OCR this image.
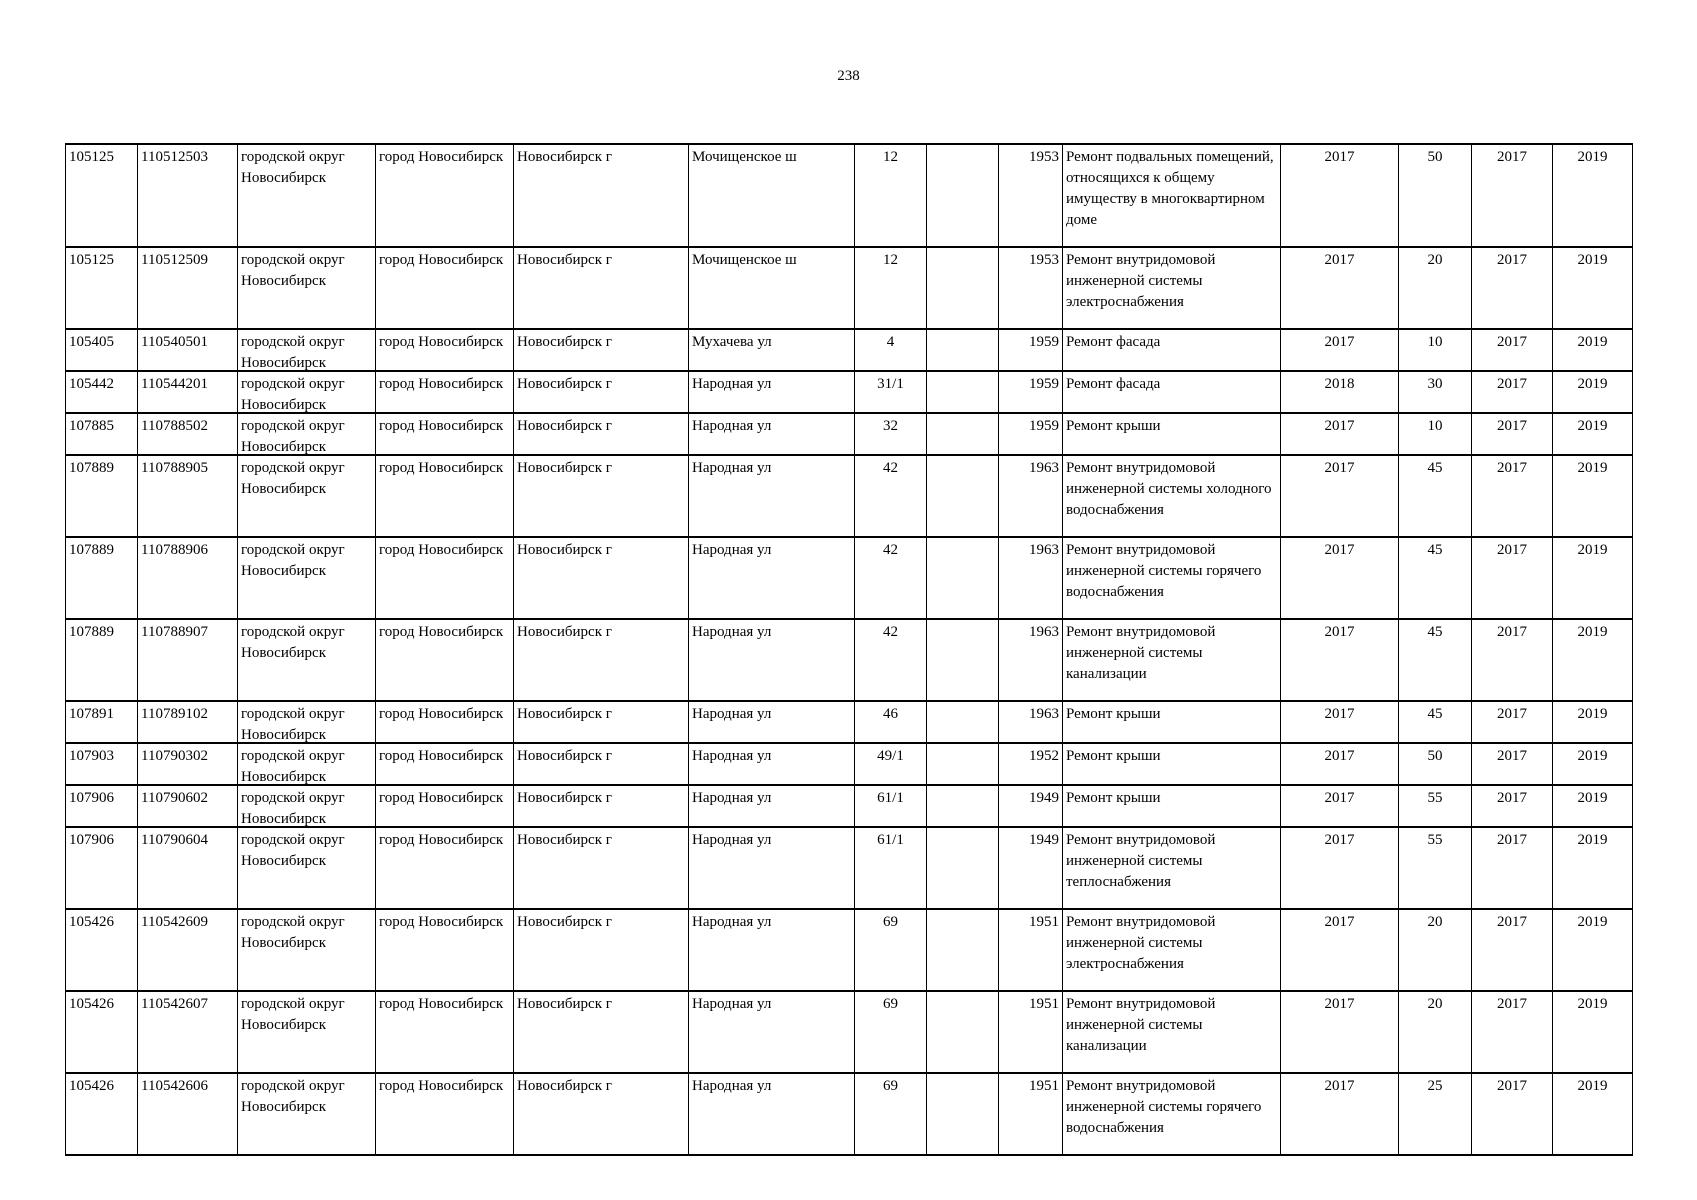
238
105125	110512503	городской округ Новосибирск	город Новосибирск	Новосибирск г	Мочищенское ш	12		1953	Ремонт подвальных помещений, относящихся к общему имуществу в многоквартирном доме	2017	50	2017	2019

105125	110512509	городской округ Новосибирск	город Новосибирск	Новосибирск г	Мочищенское ш	12		1953	Ремонт внутридомовой инженерной системы электроснабжения	2017	20	2017	2019

105405	110540501	городской округ Новосибирск	город Новосибирск	Новосибирск г	Мухачева ул	4		1959	Ремонт фасада	2017	10	2017	2019

105442	110544201	городской округ Новосибирск	город Новосибирск	Новосибирск г	Народная ул	31/1		1959	Ремонт фасада	2018	30	2017	2019

107885	110788502	городской округ Новосибирск	город Новосибирск	Новосибирск г	Народная ул	32		1959	Ремонт крыши	2017	10	2017	2019

107889	110788905	городской округ Новосибирск	город Новосибирск	Новосибирск г	Народная ул	42		1963	Ремонт внутридомовой инженерной системы холодного водоснабжения	2017	45	2017	2019

107889	110788906	городской округ Новосибирск	город Новосибирск	Новосибирск г	Народная ул	42		1963	Ремонт внутридомовой инженерной системы горячего водоснабжения	2017	45	2017	2019

107889	110788907	городской округ Новосибирск	город Новосибирск	Новосибирск г	Народная ул	42		1963	Ремонт внутридомовой инженерной системы канализации	2017	45	2017	2019

107891	110789102	городской округ Новосибирск	город Новосибирск	Новосибирск г	Народная ул	46		1963	Ремонт крыши	2017	45	2017	2019

107903	110790302	городской округ Новосибирск	город Новосибирск	Новосибирск г	Народная ул	49/1		1952	Ремонт крыши	2017	50	2017	2019

107906	110790602	городской округ Новосибирск	город Новосибирск	Новосибирск г	Народная ул	61/1		1949	Ремонт крыши	2017	55	2017	2019

107906	110790604	городской округ Новосибирск	город Новосибирск	Новосибирск г	Народная ул	61/1		1949	Ремонт внутридомовой инженерной системы теплоснабжения	2017	55	2017	2019

105426	110542609	городской округ Новосибирск	город Новосибирск	Новосибирск г	Народная ул	69		1951	Ремонт внутридомовой инженерной системы электроснабжения	2017	20	2017	2019

105426	110542607	городской округ Новосибирск	город Новосибирск	Новосибирск г	Народная ул	69		1951	Ремонт внутридомовой инженерной системы канализации	2017	20	2017	2019

105426	110542606	городской округ Новосибирск	город Новосибирск	Новосибирск г	Народная ул	69		1951	Ремонт внутридомовой инженерной системы горячего водоснабжения	2017	25	2017	2019
